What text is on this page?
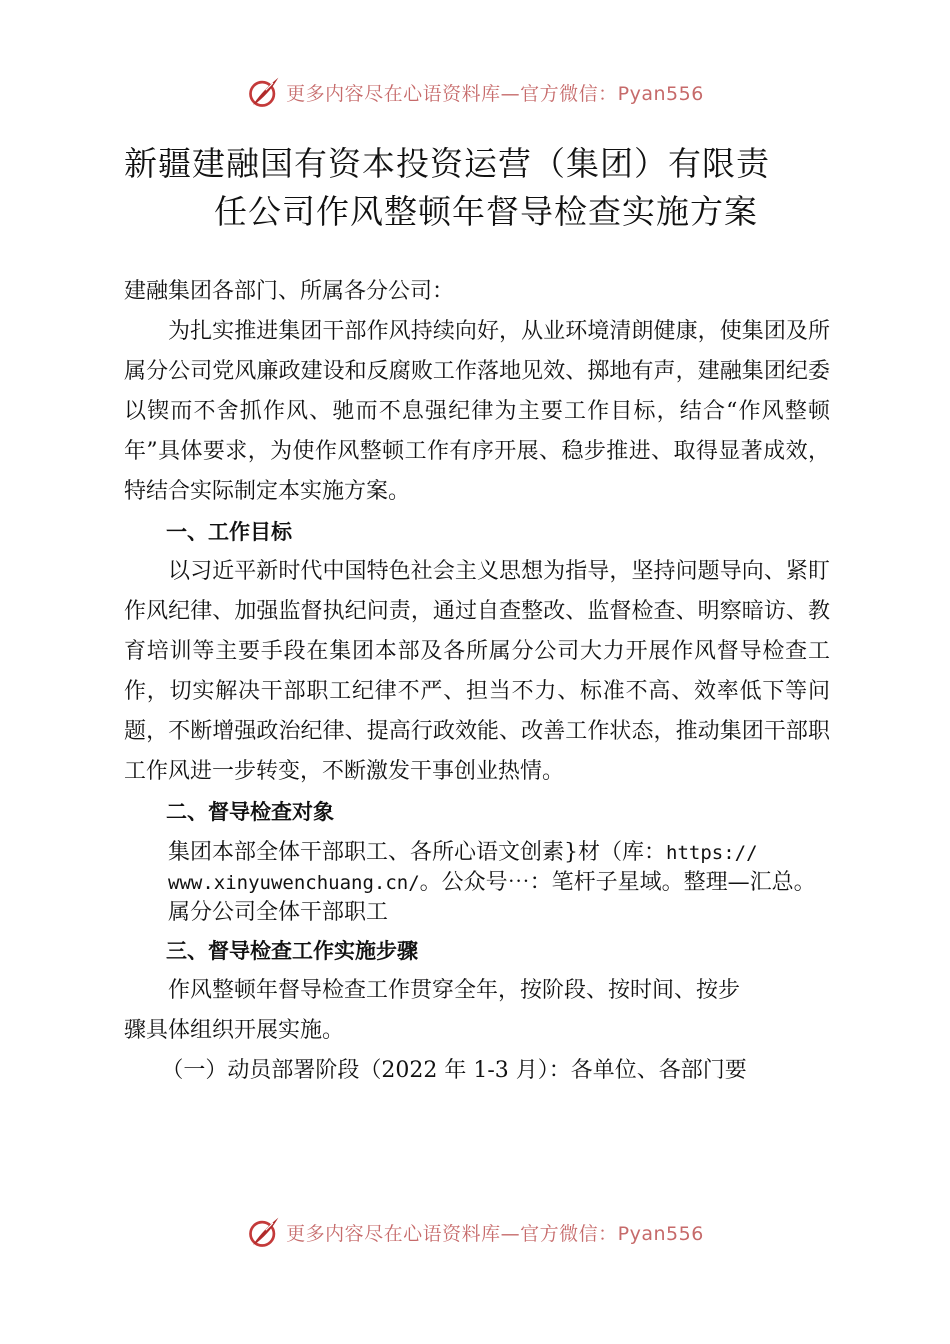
更多内容尽在心语资料库—官方微信：Pyan556
新疆建融国有资本投资运营（集团）有限责
任公司作风整顿年督导检查实施方案

建融集团各部门、所属各分公司：

为扎实推进集团干部作风持续向好，从业环境清朗健康，使集团及所属分公司党风廉政建设和反腐败工作落地见效、掷地有声，建融集团纪委以锲而不舍抓作风、驰而不息强纪律为主要工作目标，结合“作风整顿年”具体要求，为使作风整顿工作有序开展、稳步推进、取得显著成效，特结合实际制定本实施方案。

一、工作目标

以习近平新时代中国特色社会主义思想为指导，坚持问题导向、紧盯作风纪律、加强监督执纪问责，通过自查整改、监督检查、明察暗访、教育培训等主要手段在集团本部及各所属分公司大力开展作风督导检查工作，切实解决干部职工纪律不严、担当不力、标准不高、效率低下等问题，不断增强政治纪律、提高行政效能、改善工作状态，推动集团干部职工作风进一步转变，不断激发干事创业热情。

二、督导检查对象

集团本部全体干部职工、各所心语文创素}材（库：https://
www.xinyuwenchuang.cn/。公众号⋯：笔杆子星域。整理—汇总。
属分公司全体干部职工

三、督导检查工作实施步骤

作风整顿年督导检查工作贯穿全年，按阶段、按时间、按步

骤具体组织开展实施。

（一）动员部署阶段（2022 年 1-3 月）：各单位、各部门要

更多内容尽在心语资料库—官方微信：Pyan556
